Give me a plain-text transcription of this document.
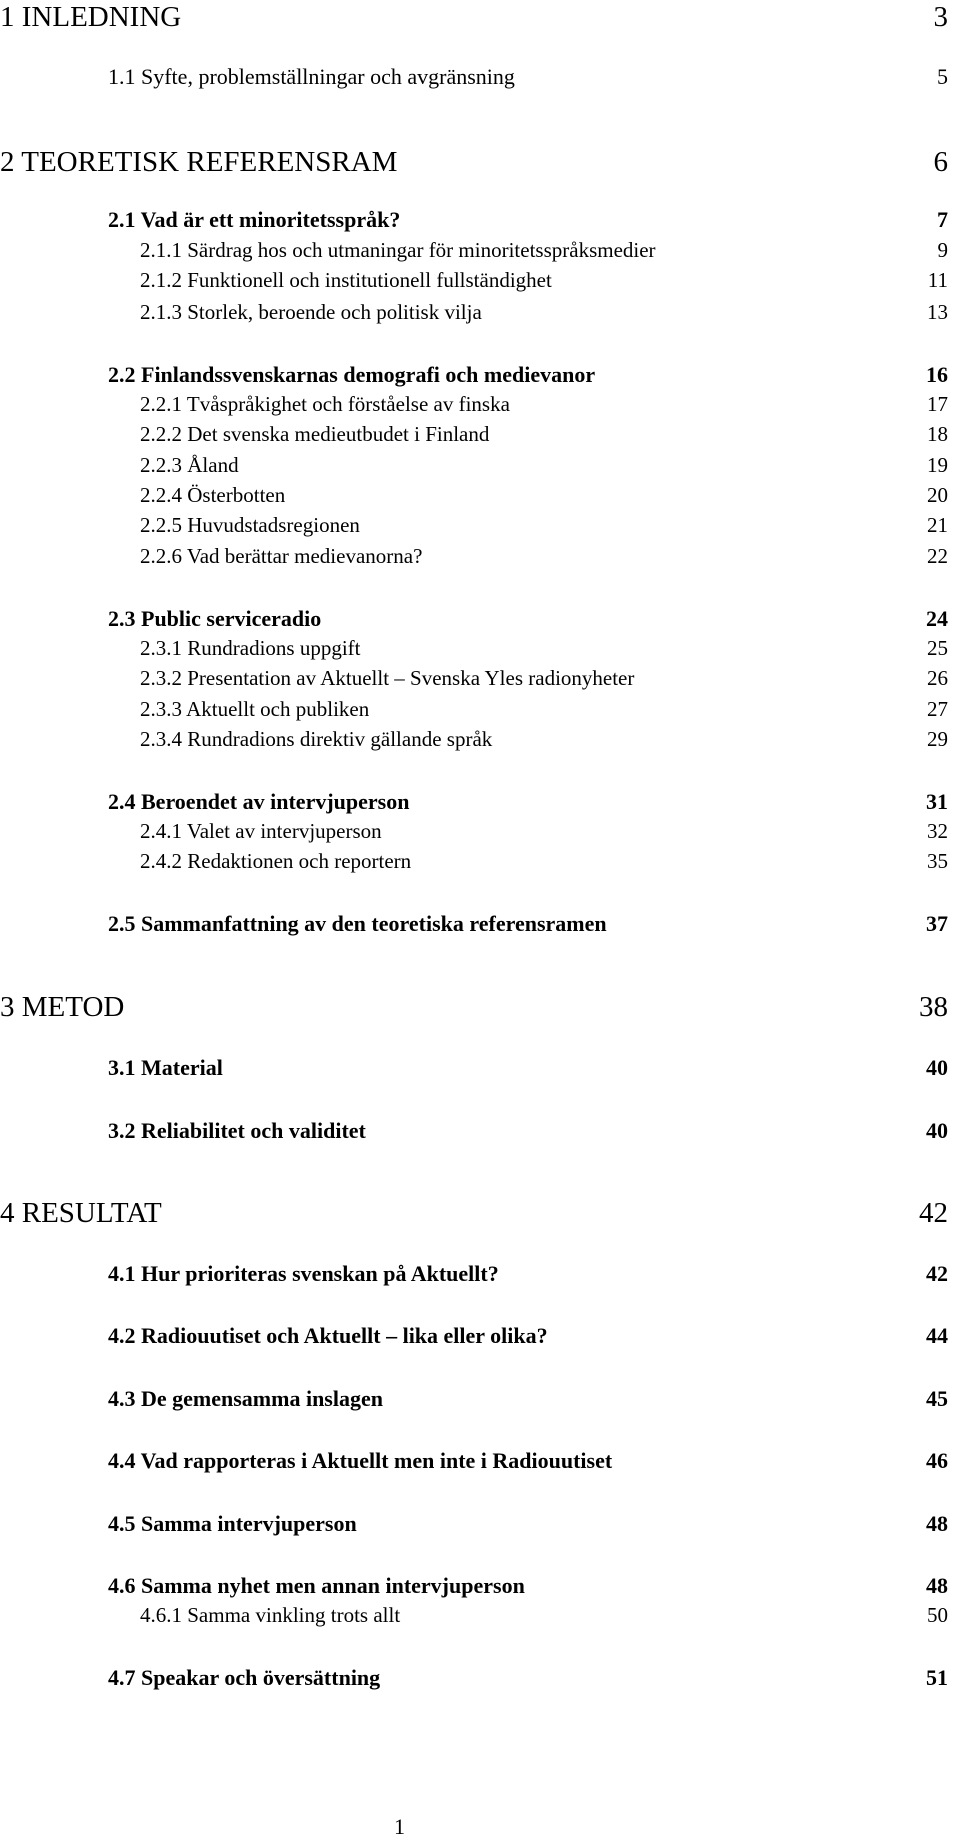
1 INLEDNING	3
1.1 Syfte, problemställningar och avgränsning	5
2 TEORETISK REFERENSRAM	6
2.1 Vad är ett minoritetsspråk?	7
2.1.1 Särdrag hos och utmaningar för minoritetsspråksmedier	9
2.1.2 Funktionell och institutionell fullständighet	11
2.1.3 Storlek, beroende och politisk vilja	13
2.2 Finlandssvenskarnas demografi och medievanor	16
2.2.1 Tvåspråkighet och förståelse av finska	17
2.2.2 Det svenska medieutbudet i Finland	18
2.2.3 Åland	19
2.2.4 Österbotten	20
2.2.5 Huvudstadsregionen	21
2.2.6 Vad berättar medievanorna?	22
2.3 Public serviceradio	24
2.3.1 Rundradions uppgift	25
2.3.2 Presentation av Aktuellt – Svenska Yles radionyheter	26
2.3.3 Aktuellt och publiken	27
2.3.4 Rundradions direktiv gällande språk	29
2.4 Beroendet av intervjuperson	31
2.4.1 Valet av intervjuperson	32
2.4.2 Redaktionen och reportern	35
2.5 Sammanfattning av den teoretiska referensramen	37
3 METOD	38
3.1 Material	40
3.2 Reliabilitet och validitet	40
4 RESULTAT	42
4.1 Hur prioriteras svenskan på Aktuellt?	42
4.2 Radiouutiset och Aktuellt – lika eller olika?	44
4.3 De gemensamma inslagen	45
4.4 Vad rapporteras i Aktuellt men inte i Radiouutiset	46
4.5 Samma intervjuperson	48
4.6 Samma nyhet men annan intervjuperson	48
4.6.1 Samma vinkling trots allt	50
4.7 Speakar och översättning	51
1
